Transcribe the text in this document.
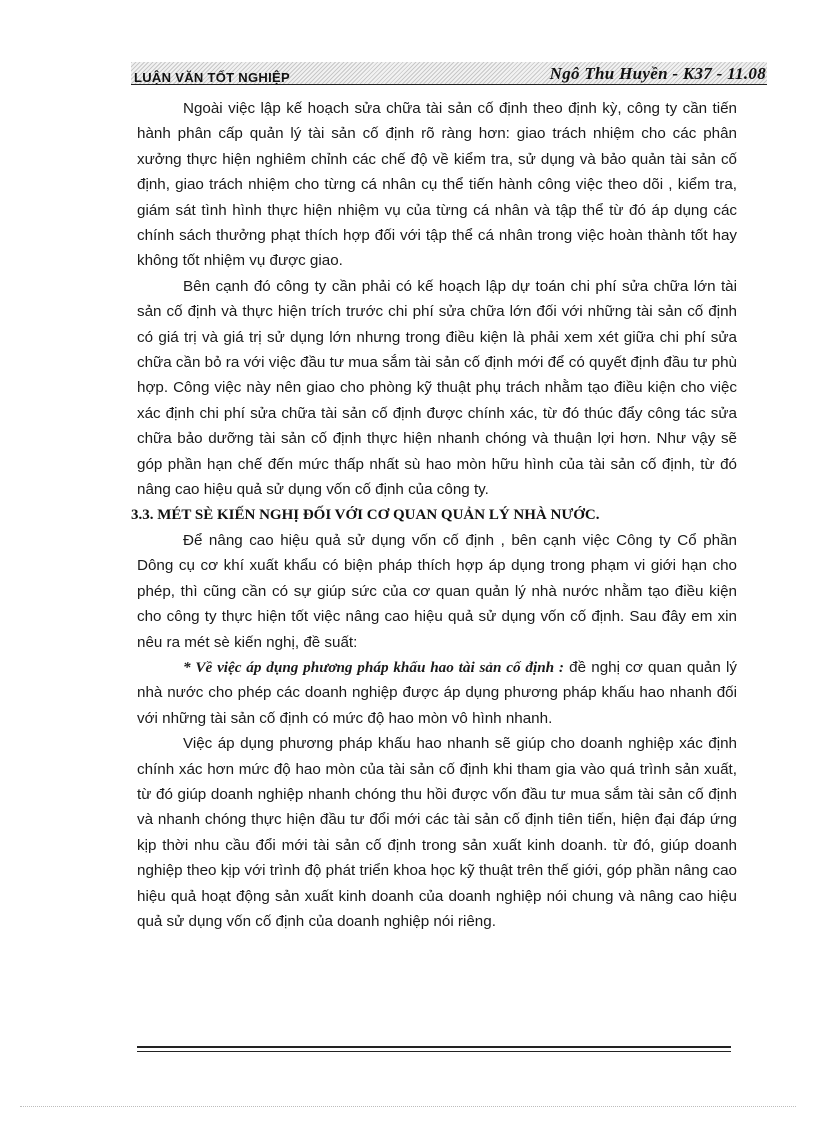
LUẬN VĂN TỐT NGHIỆP	Ngô Thu Huyền - K37 - 11.08

Ngoài việc lập kế hoạch sửa chữa tài sản cố định theo định kỳ, công ty cần tiến hành phân cấp quản lý tài sản cố định rõ ràng hơn: giao trách nhiệm cho các phân xưởng thực hiện nghiêm chỉnh các chế độ về kiểm tra, sử dụng và bảo quản tài sản cố định, giao trách nhiệm cho từng cá nhân cụ thể tiến hành công việc theo dõi , kiểm tra, giám sát tình hình thực hiện nhiệm vụ của từng cá nhân và tập thể từ đó áp dụng các chính sách thưởng phạt thích hợp đối với tập thể cá nhân trong việc hoàn thành tốt hay không tốt nhiệm vụ được giao.

Bên cạnh đó công ty cần phải có kế hoạch lập dự toán chi phí sửa chữa lớn tài sản cố định và thực hiện trích trước chi phí sửa chữa lớn đối với những tài sản cố định có giá trị và giá trị sử dụng lớn nhưng trong điều kiện là phải xem xét giữa chi phí sửa chữa cần bỏ ra với việc đầu tư mua sắm tài sản cố định mới để có quyết định đầu tư phù hợp. Công việc này nên giao cho phòng kỹ thuật phụ trách nhằm tạo điều kiện cho việc xác định chi phí sửa chữa tài sản cố định được chính xác, từ đó thúc đẩy công tác sửa chữa bảo dưỡng tài sản cố định thực hiện nhanh chóng và thuận lợi hơn. Như vậy sẽ góp phần hạn chế đến mức thấp nhất sù hao mòn hữu hình của tài sản cố định, từ đó nâng cao hiệu quả sử dụng vốn cố định của công ty.

3.3. MÉT SÈ KIẾN NGHỊ ĐỐI VỚI CƠ QUAN QUẢN LÝ NHÀ NƯỚC.

Để nâng cao hiệu quả sử dụng vốn cố định , bên cạnh việc Công ty Cổ phần Dông cụ cơ khí xuất khẩu có biện pháp thích hợp áp dụng trong phạm vi giới hạn cho phép, thì cũng cần có sự giúp sức của cơ quan quản lý nhà nước nhằm tạo điều kiện cho công ty thực hiện tốt việc nâng cao hiệu quả sử dụng vốn cố định. Sau đây em xin nêu ra mét sè kiến nghị, đề suất:

* Về việc áp dụng phương pháp khấu hao tài sản cố định : đề nghị cơ quan quản lý nhà nước cho phép các doanh nghiệp được áp dụng phương pháp khấu hao nhanh đối với những tài sản cố định có mức độ hao mòn vô hình nhanh.

Việc áp dụng phương pháp khấu hao nhanh sẽ giúp cho doanh nghiệp xác định chính xác hơn mức độ hao mòn của tài sản cố định khi tham gia vào quá trình sản xuất, từ đó giúp doanh nghiệp nhanh chóng thu hồi được vốn đầu tư mua sắm tài sản cố định và nhanh chóng thực hiện đầu tư đổi mới các tài sản cố định tiên tiến, hiện đại đáp ứng kịp thời nhu cầu đổi mới tài sản cố định trong sản xuất kinh doanh. từ đó, giúp doanh nghiệp theo kịp với trình độ phát triển khoa học kỹ thuật trên thế giới, góp phần nâng cao hiệu quả hoạt động sản xuất kinh doanh của doanh nghiệp nói chung và nâng cao hiệu quả sử dụng vốn cố định của doanh nghiệp nói riêng.
